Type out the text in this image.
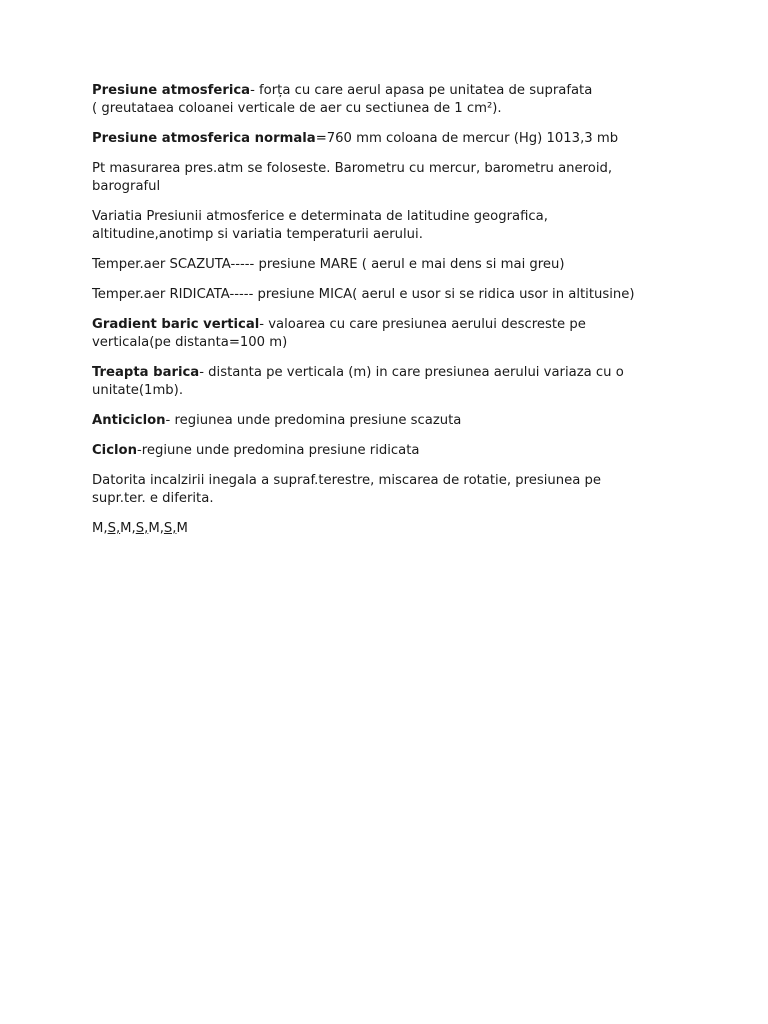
Presiune atmosferica- forța cu care aerul apasa pe unitatea de suprafata
( greutataea coloanei verticale de aer cu sectiunea de 1 cm²).

Presiune atmosferica normala=760 mm coloana de mercur (Hg) 1013,3 mb

Pt masurarea pres.atm se foloseste. Barometru cu mercur, barometru aneroid,
barograful

Variatia Presiunii atmosferice e determinata de latitudine geografica,
altitudine,anotimp si variatia temperaturii aerului.

Temper.aer SCAZUTA----- presiune MARE ( aerul e mai dens si mai greu)

Temper.aer RIDICATA----- presiune MICA( aerul e usor si se ridica usor in altitusine)

Gradient baric vertical- valoarea cu care presiunea aerului descreste pe
verticala(pe distanta=100 m)

Treapta barica- distanta pe verticala (m) in care presiunea aerului variaza cu o
unitate(1mb).

Anticiclon- regiunea unde predomina presiune scazuta

Ciclon-regiune unde predomina presiune ridicata

Datorita incalzirii inegala a supraf.terestre, miscarea de rotatie, presiunea pe
supr.ter. e diferita.

M,S,M,S,M,S,M
